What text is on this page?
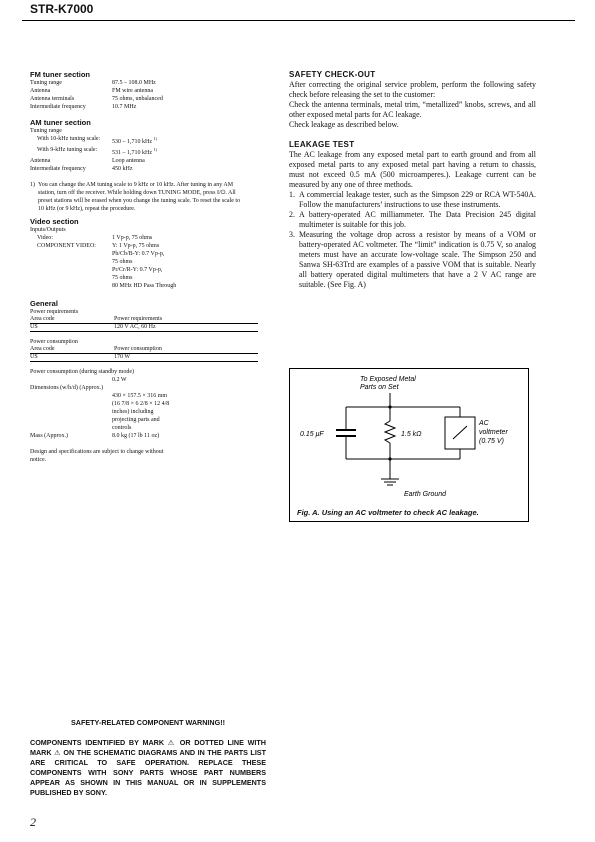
STR-K7000
FM tuner section
Tuning range	87.5 – 108.0 MHz
Antenna	FM wire antenna
Antenna terminals	75 ohms, unbalanced
Intermediate frequency	10.7 MHz
AM tuner section
Tuning range
With 10-kHz tuning scale:	530 – 1,710 kHz $^{1)}$
With 9-kHz tuning scale:	531 – 1,710 kHz $^{1)}$
Antenna	Loop antenna
Intermediate frequency	450 kHz
1) You can change the AM tuning scale to 9 kHz or 10 kHz. After tuning in any AM station, turn off the receiver. While holding down TUNING MODE, press I/⏻. All preset stations will be erased when you change the tuning scale. To reset the scale to 10 kHz (or 9 kHz), repeat the procedure.
Video section
Inputs/Outputs
Video:	1 Vp-p, 75 ohms
COMPONENT VIDEO:	Y: 1 Vp-p, 75 ohms
Pb/Cb/B-Y: 0.7 Vp-p,
75 ohms
Pr/Cr/R-Y: 0.7 Vp-p,
75 ohms
80 MHz HD Pass Through
General
Power requirements
Area code	Power requirements
US	120 V AC, 60 Hz
Power consumption
Area code	Power consumption
US	170 W
Power consumption (during standby mode)
0.2 W
Dimensions (w/h/d) (Approx.)
430 × 157.5 × 316 mm
(16 7/8 × 6 2/8 × 12 4/8
inches) including
projecting parts and
controls
Mass (Approx.)	8.0 kg (17 lb 11 oz)
Design and specifications are subject to change without notice.
SAFETY CHECK-OUT
After correcting the original service problem, perform the following safety check before releasing the set to the customer:
Check the antenna terminals, metal trim, “metallized” knobs, screws, and all other exposed metal parts for AC leakage.
Check leakage as described below.
LEAKAGE TEST
The AC leakage from any exposed metal part to earth ground and from all exposed metal parts to any exposed metal part having a return to chassis, must not exceed 0.5 mA (500 microamperes.). Leakage current can be measured by any one of three methods.
1. A commercial leakage tester, such as the Simpson 229 or RCA WT-540A. Follow the manufacturers’ instructions to use these instruments.
2. A battery-operated AC milliammeter. The Data Precision 245 digital multimeter is suitable for this job.
3. Measuring the voltage drop across a resistor by means of a VOM or battery-operated AC voltmeter. The “limit” indication is 0.75 V, so analog meters must have an accurate low-voltage scale. The Simpson 250 and Sanwa SH-63Trd are examples of a passive VOM that is suitable. Nearly all battery operated digital multimeters that have a 2 V AC range are suitable. (See Fig. A)
To Exposed Metal
Parts on Set
0.15 μF	1.5 kΩ
AC
voltmeter
(0.75 V)
Earth Ground
Fig. A. Using an AC voltmeter to check AC leakage.
SAFETY-RELATED COMPONENT WARNING!!
COMPONENTS IDENTIFIED BY MARK ⚠ OR DOTTED LINE WITH MARK ⚠ ON THE SCHEMATIC DIAGRAMS AND IN THE PARTS LIST ARE CRITICAL TO SAFE OPERATION. REPLACE THESE COMPONENTS WITH SONY PARTS WHOSE PART NUMBERS APPEAR AS SHOWN IN THIS MANUAL OR IN SUPPLEMENTS PUBLISHED BY SONY.
2
